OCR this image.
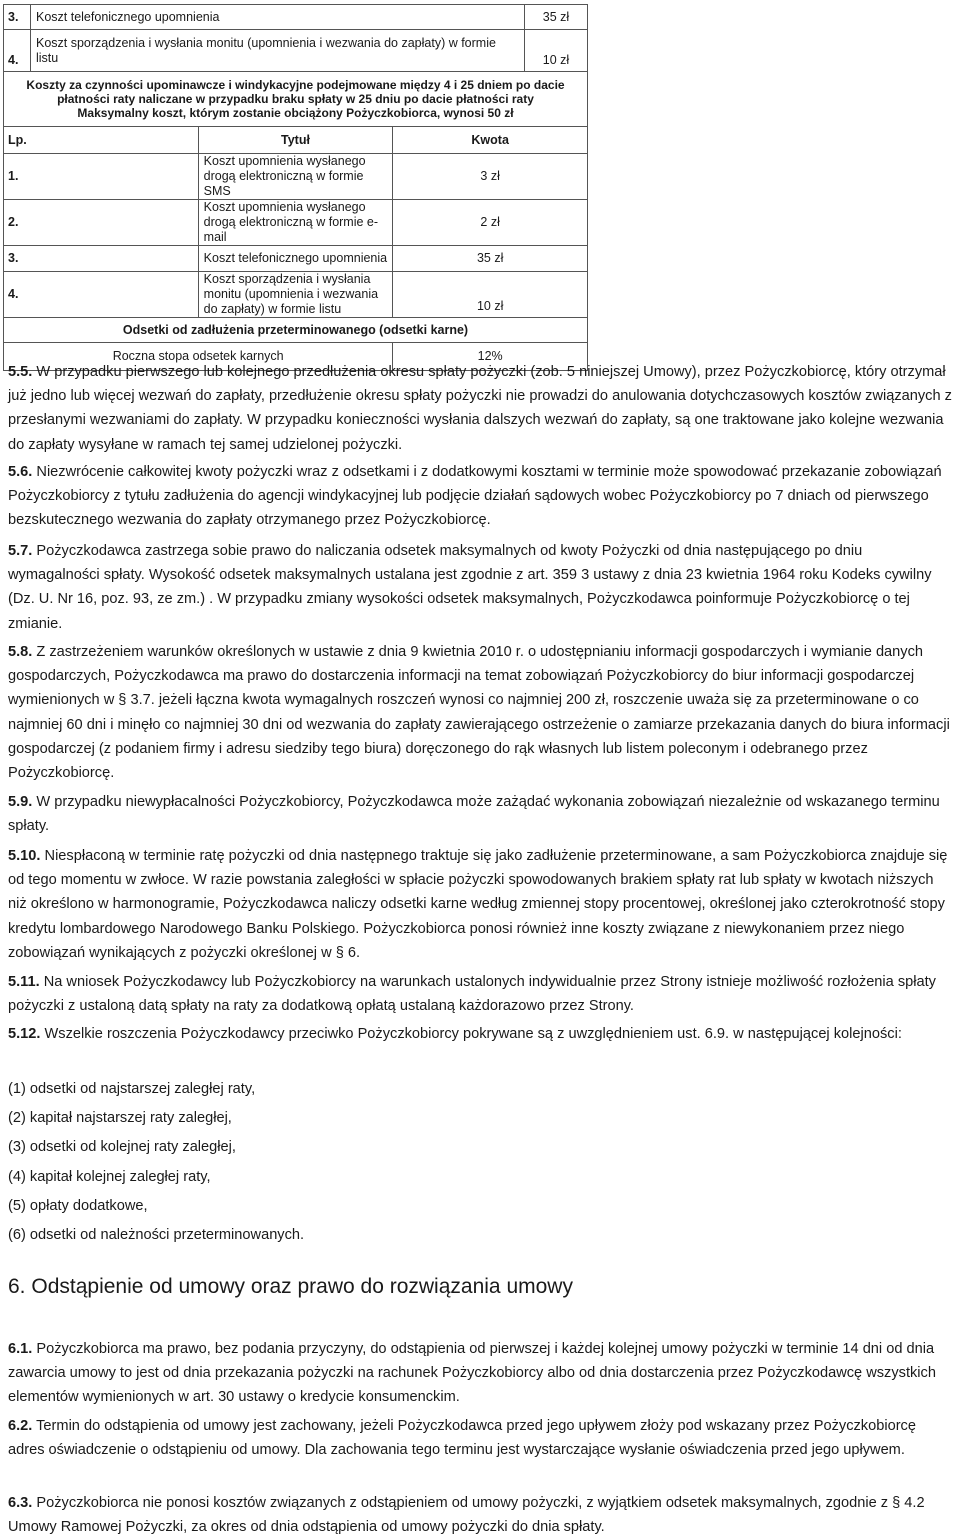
3.	Koszt telefonicznego upomnienia	35 zł
4.	Koszt sporządzenia i wysłania monitu (upomnienia i wezwania do zapłaty) w formie listu	10 zł
Koszty za czynności upominawcze i windykacyjne podejmowane między 4 i 25 dniem po dacie
płatności raty naliczane w przypadku braku spłaty w 25 dniu po dacie płatności raty
Maksymalny koszt, którym zostanie obciążony Pożyczkobiorca, wynosi 50 zł		

Lp.	Tytuł	Kwota
1.	Koszt upomnienia wysłanego drogą elektroniczną w formie SMS	3 zł
2.	Koszt upomnienia wysłanego drogą elektroniczną w formie e-mail	2 zł
3.	Koszt telefonicznego upomnienia	35 zł
4.	Koszt sporządzenia i wysłania monitu (upomnienia i wezwania do zapłaty) w formie listu	10 zł
Odsetki od zadłużenia przeterminowanego (odsetki karne)		
Roczna stopa odsetek karnych		12%

5.5. W przypadku pierwszego lub kolejnego przedłużenia okresu spłaty pożyczki (zob. 5 niniejszej Umowy), przez Pożyczkobiorcę, który otrzymał już jedno lub więcej wezwań do zapłaty, przedłużenie okresu spłaty pożyczki nie prowadzi do anulowania dotychczasowych kosztów związanych z przesłanymi wezwaniami do zapłaty. W przypadku konieczności wysłania dalszych wezwań do zapłaty, są one traktowane jako kolejne wezwania do zapłaty wysyłane w ramach tej samej udzielonej pożyczki.

5.6. Niezwrócenie całkowitej kwoty pożyczki wraz z odsetkami i z dodatkowymi kosztami w terminie może spowodować przekazanie zobowiązań Pożyczkobiorcy z tytułu zadłużenia do agencji windykacyjnej lub podjęcie działań sądowych wobec Pożyczkobiorcy po 7 dniach od pierwszego bezskutecznego wezwania do zapłaty otrzymanego przez Pożyczkobiorcę.

5.7. Pożyczkodawca zastrzega sobie prawo do naliczania odsetek maksymalnych od kwoty Pożyczki od dnia następującego po dniu wymagalności spłaty. Wysokość odsetek maksymalnych ustalana jest zgodnie z art. 359 3 ustawy z dnia 23 kwietnia 1964 roku Kodeks cywilny (Dz. U. Nr 16, poz. 93, ze zm.) . W przypadku zmiany wysokości odsetek maksymalnych, Pożyczkodawca poinformuje Pożyczkobiorcę o tej zmianie.

5.8. Z zastrzeżeniem warunków określonych w ustawie z dnia 9 kwietnia 2010 r. o udostępnianiu informacji gospodarczych i wymianie danych gospodarczych, Pożyczkodawca ma prawo do dostarczenia informacji na temat zobowiązań Pożyczkobiorcy do biur informacji gospodarczej wymienionych w § 3.7. jeżeli łączna kwota wymagalnych roszczeń wynosi co najmniej 200 zł, roszczenie uważa się za przeterminowane o co najmniej 60 dni i minęło co najmniej 30 dni od wezwania do zapłaty zawierającego ostrzeżenie o zamiarze przekazania danych do biura informacji gospodarczej (z podaniem firmy i adresu siedziby tego biura) doręczonego do rąk własnych lub listem poleconym i odebranego przez Pożyczkobiorcę.

5.9. W przypadku niewypłacalności Pożyczkobiorcy, Pożyczkodawca może zażądać wykonania zobowiązań niezależnie od wskazanego terminu spłaty.

5.10. Niespłaconą w terminie ratę pożyczki od dnia następnego traktuje się jako zadłużenie przeterminowane, a sam Pożyczkobiorca znajduje się od tego momentu w zwłoce. W razie powstania zaległości w spłacie pożyczki spowodowanych brakiem spłaty rat lub spłaty w kwotach niższych niż określono w harmonogramie, Pożyczkodawca naliczy odsetki karne według zmiennej stopy procentowej, określonej jako czterokrotność stopy kredytu lombardowego Narodowego Banku Polskiego. Pożyczkobiorca ponosi również inne koszty związane z niewykonaniem przez niego zobowiązań wynikających z pożyczki określonej w § 6.

5.11. Na wniosek Pożyczkodawcy lub Pożyczkobiorcy na warunkach ustalonych indywidualnie przez Strony istnieje możliwość rozłożenia spłaty pożyczki z ustaloną datą spłaty na raty za dodatkową opłatą ustalaną każdorazowo przez Strony.

5.12. Wszelkie roszczenia Pożyczkodawcy przeciwko Pożyczkobiorcy pokrywane są z uwzględnieniem ust. 6.9. w następującej kolejności:

(1) odsetki od najstarszej zaległej raty,
(2) kapitał najstarszej raty zaległej,
(3) odsetki od kolejnej raty zaległej,
(4) kapitał kolejnej zaległej raty,
(5) opłaty dodatkowe,
(6) odsetki od należności przeterminowanych.
6. Odstąpienie od umowy oraz prawo do rozwiązania umowy

6.1. Pożyczkobiorca ma prawo, bez podania przyczyny, do odstąpienia od pierwszej i każdej kolejnej umowy pożyczki w terminie 14 dni od dnia zawarcia umowy to jest od dnia przekazania pożyczki na rachunek Pożyczkobiorcy albo od dnia dostarczenia przez Pożyczkodawcę wszystkich elementów wymienionych w art. 30 ustawy o kredycie konsumenckim.

6.2. Termin do odstąpienia od umowy jest zachowany, jeżeli Pożyczkodawca przed jego upływem złoży pod wskazany przez Pożyczkobiorcę adres oświadczenie o odstąpieniu od umowy. Dla zachowania tego terminu jest wystarczające wysłanie oświadczenia przed jego upływem.

6.3. Pożyczkobiorca nie ponosi kosztów związanych z odstąpieniem od umowy pożyczki, z wyjątkiem odsetek maksymalnych, zgodnie z § 4.2 Umowy Ramowej Pożyczki, za okres od dnia odstąpienia od umowy pożyczki do dnia spłaty.
